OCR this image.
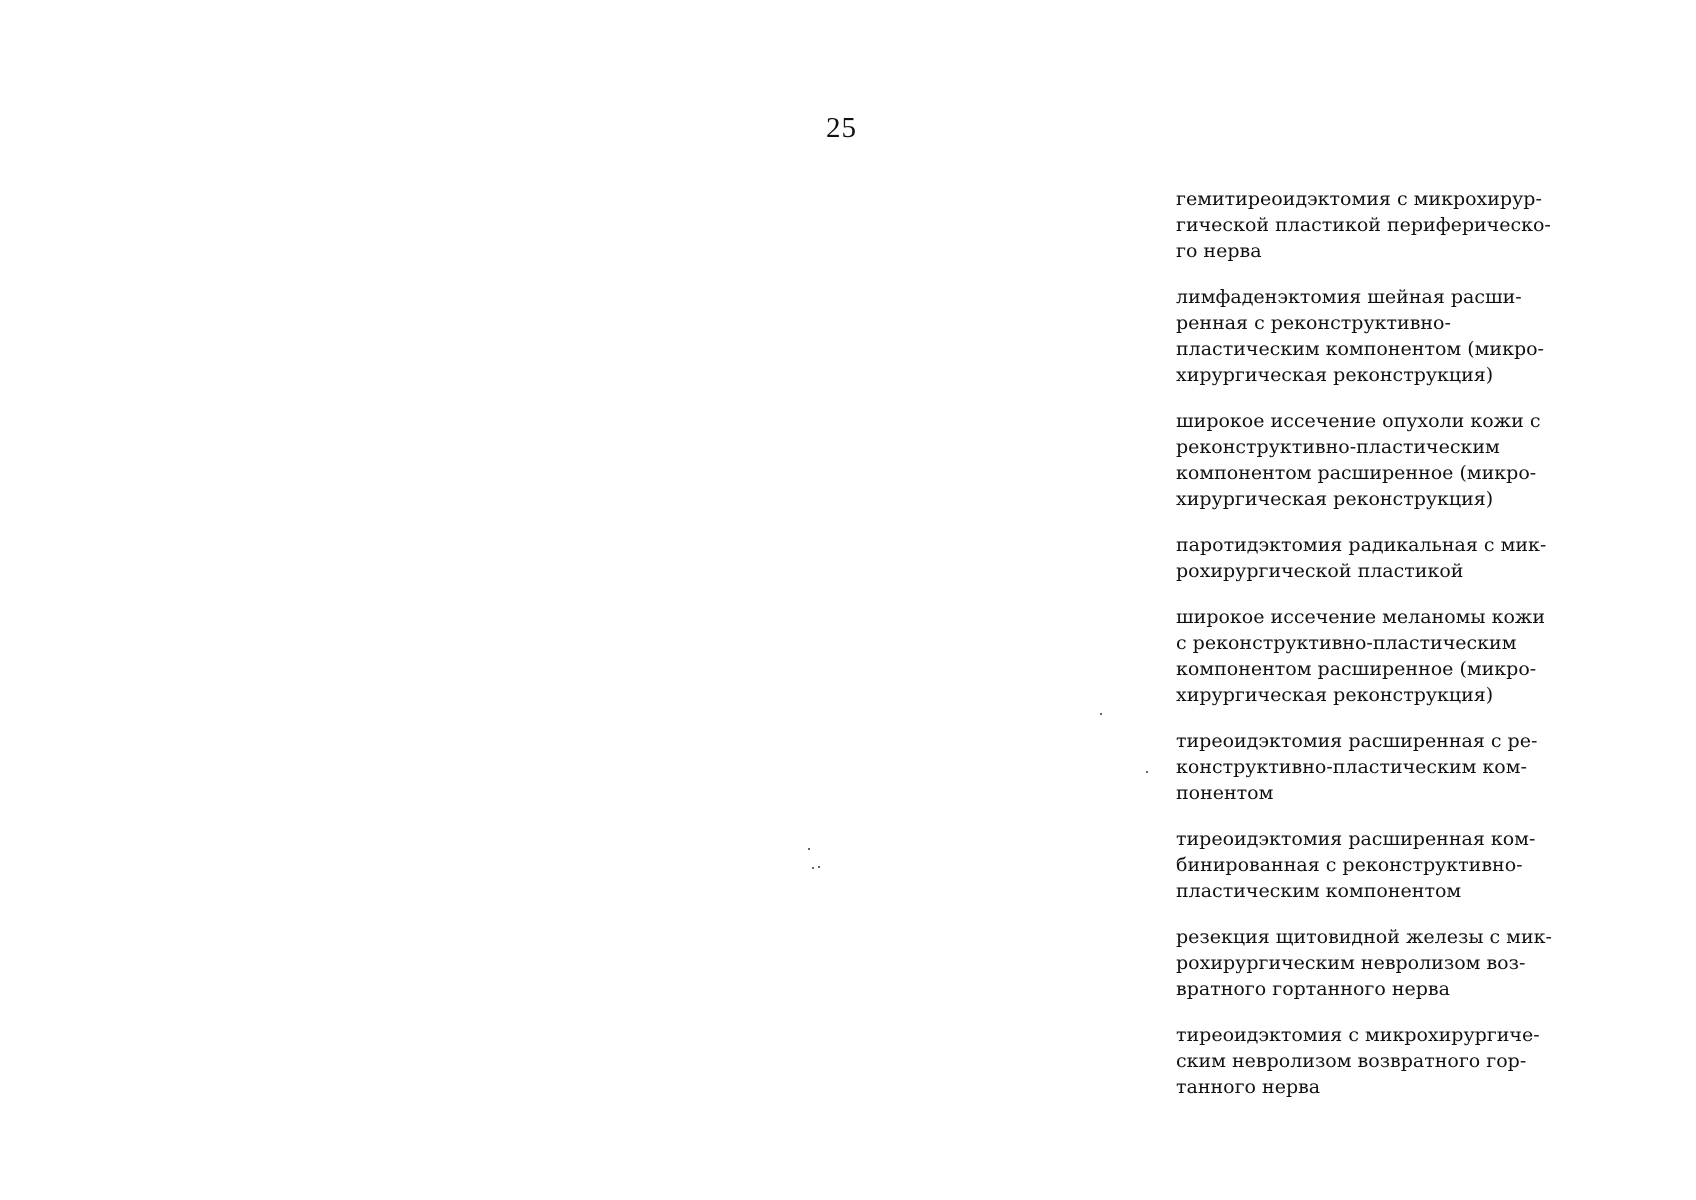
25
гемитиреоидэктомия с микрохирур-
гической пластикой периферическо-
го нерва
лимфаденэктомия шейная расши-
ренная с реконструктивно-
пластическим компонентом (микро-
хирургическая реконструкция)
широкое иссечение опухоли кожи с
реконструктивно-пластическим
компонентом расширенное (микро-
хирургическая реконструкция)
паротидэктомия радикальная с мик-
рохирургической пластикой
широкое иссечение меланомы кожи
с реконструктивно-пластическим
компонентом расширенное (микро-
хирургическая реконструкция)
тиреоидэктомия расширенная с ре-
конструктивно-пластическим ком-
понентом
тиреоидэктомия расширенная ком-
бинированная с реконструктивно-
пластическим компонентом
резекция щитовидной железы с мик-
рохирургическим невролизом воз-
вратного гортанного нерва
тиреоидэктомия с микрохирургиче-
ским невролизом возвратного гор-
танного нерва
